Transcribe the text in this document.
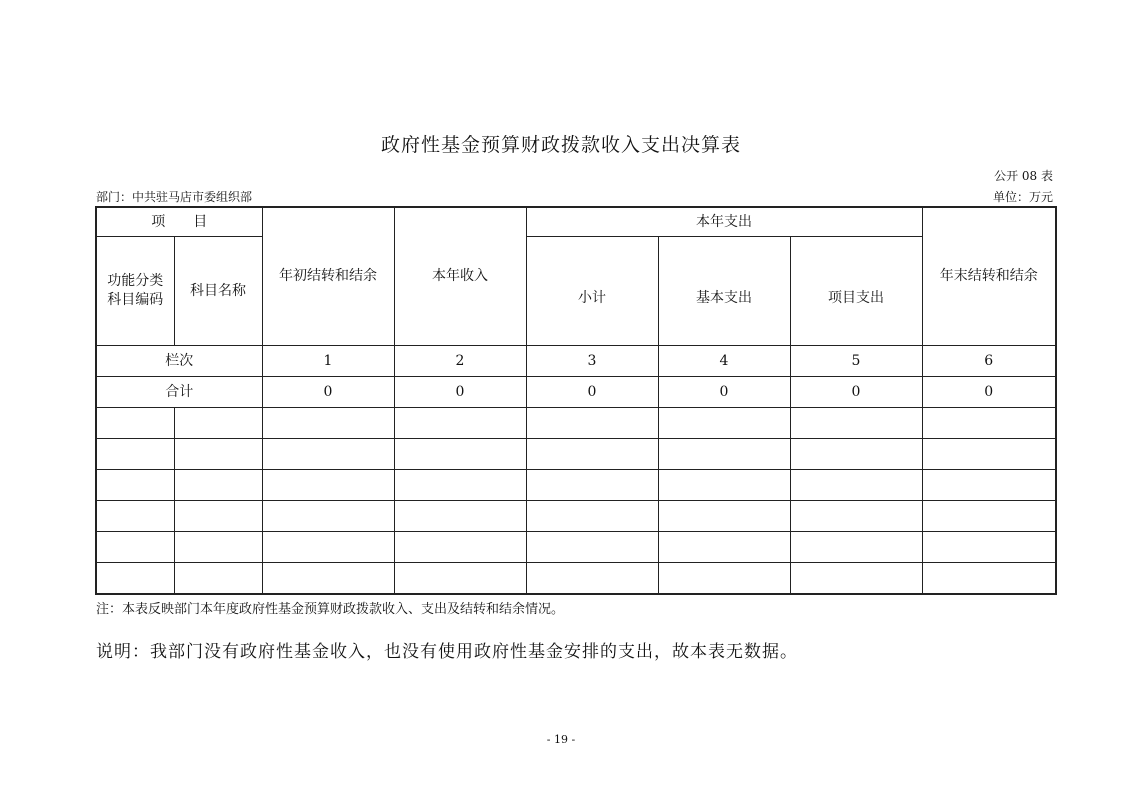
政府性基金预算财政拨款收入支出决算表
公开 08 表
部门：中共驻马店市委组织部	单位：万元
项　　目		年初结转和结余	本年收入	本年支出			年末结转和结余
功能分类科目编码	科目名称			小计	基本支出	项目支出	
栏次		1	2	3	4	5	6
合计		0	0	0	0	0	0

注：本表反映部门本年度政府性基金预算财政拨款收入、支出及结转和结余情况。
说明：我部门没有政府性基金收入，也没有使用政府性基金安排的支出，故本表无数据。
- 19 -
